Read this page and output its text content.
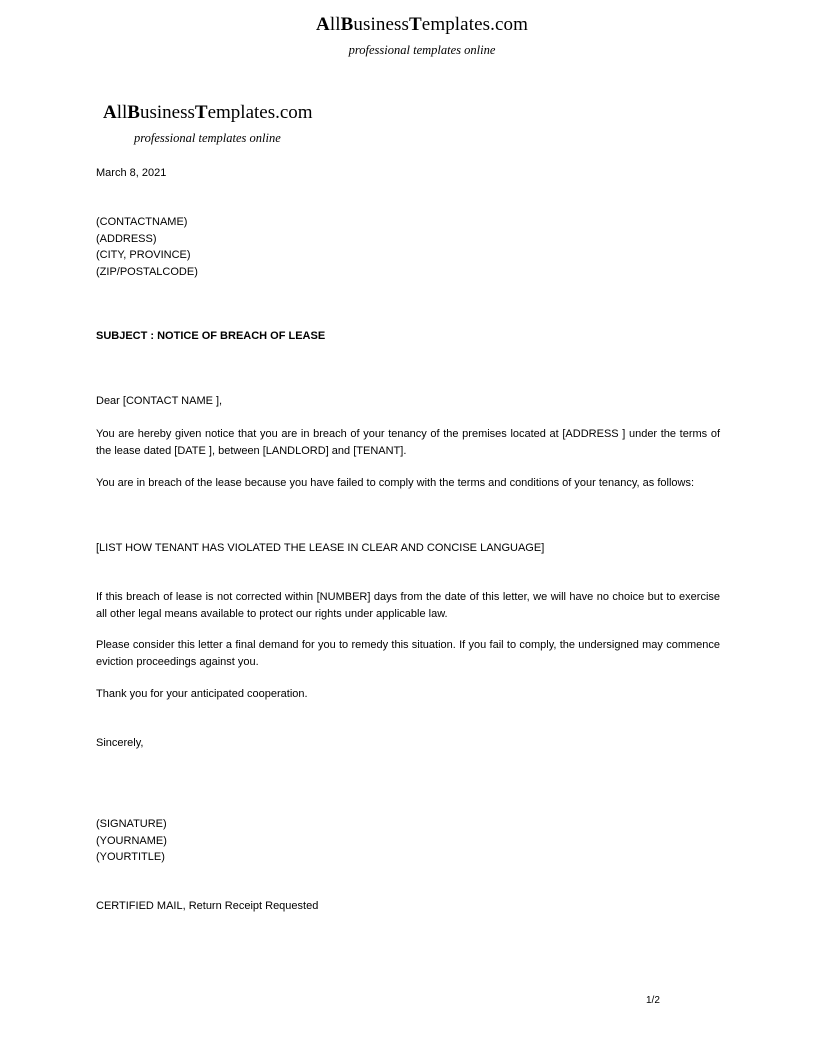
AllBusinessTemplates.com
professional templates online
AllBusinessTemplates.com
professional templates online
March 8, 2021
(CONTACTNAME)
(ADDRESS)
(CITY, PROVINCE)
(ZIP/POSTALCODE)
SUBJECT : NOTICE OF BREACH OF LEASE
Dear [CONTACT NAME ],

You are hereby given notice that you are in breach of your tenancy of the premises located at [ADDRESS ] under the terms of the lease dated [DATE ], between [LANDLORD] and [TENANT].

You are in breach of the lease because you have failed to comply with the terms and conditions of your tenancy, as follows:

[LIST HOW TENANT HAS VIOLATED THE LEASE IN CLEAR AND CONCISE LANGUAGE]

If this breach of lease is not corrected within [NUMBER] days from the date of this letter, we will have no choice but to exercise all other legal means available to protect our rights under applicable law.

Please consider this letter a final demand for you to remedy this situation. If you fail to comply, the undersigned may commence eviction proceedings against you.

Thank you for your anticipated cooperation.

Sincerely,
(SIGNATURE)
(YOURNAME)
(YOURTITLE)
CERTIFIED MAIL, Return Receipt Requested
1/2
